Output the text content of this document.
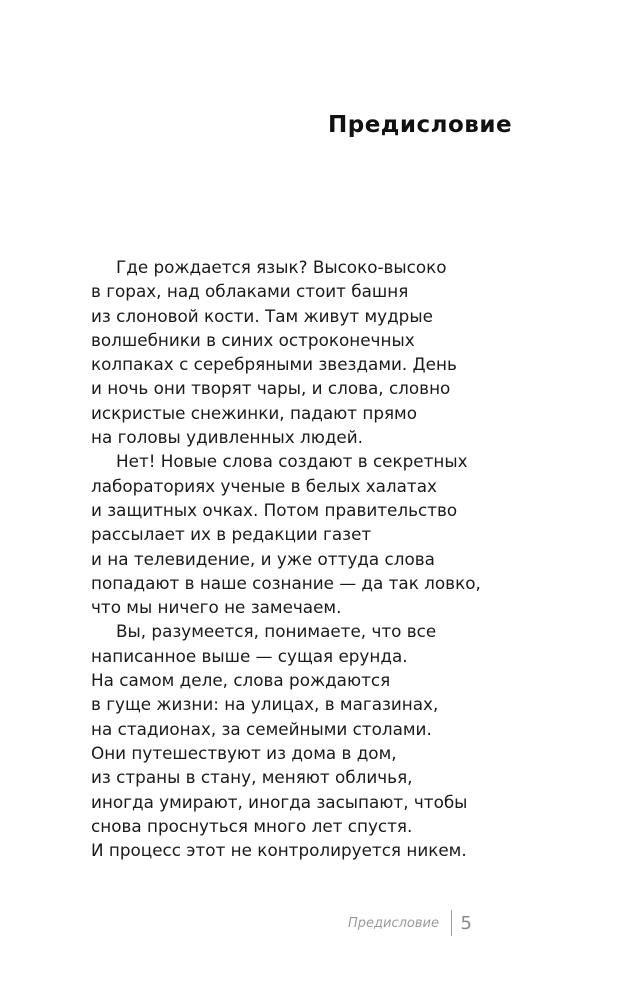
Предисловие
Где рождается язык? Высоко-высоко
в горах, над облаками стоит башня
из слоновой кости. Там живут мудрые
волшебники в синих остроконечных
колпаках с серебряными звездами. День
и ночь они творят чары, и слова, словно
искристые снежинки, падают прямо
на головы удивленных людей.
Нет! Новые слова создают в секретных
лабораториях ученые в белых халатах
и защитных очках. Потом правительство
рассылает их в редакции газет
и на телевидение, и уже оттуда слова
попадают в наше сознание — да так ловко,
что мы ничего не замечаем.
Вы, разумеется, понимаете, что все
написанное выше — сущая ерунда.
На самом деле, слова рождаются
в гуще жизни: на улицах, в магазинах,
на стадионах, за семейными столами.
Они путешествуют из дома в дом,
из страны в стану, меняют обличья,
иногда умирают, иногда засыпают, чтобы
снова проснуться много лет спустя.
И процесс этот не контролируется никем.
Предисловие 5
